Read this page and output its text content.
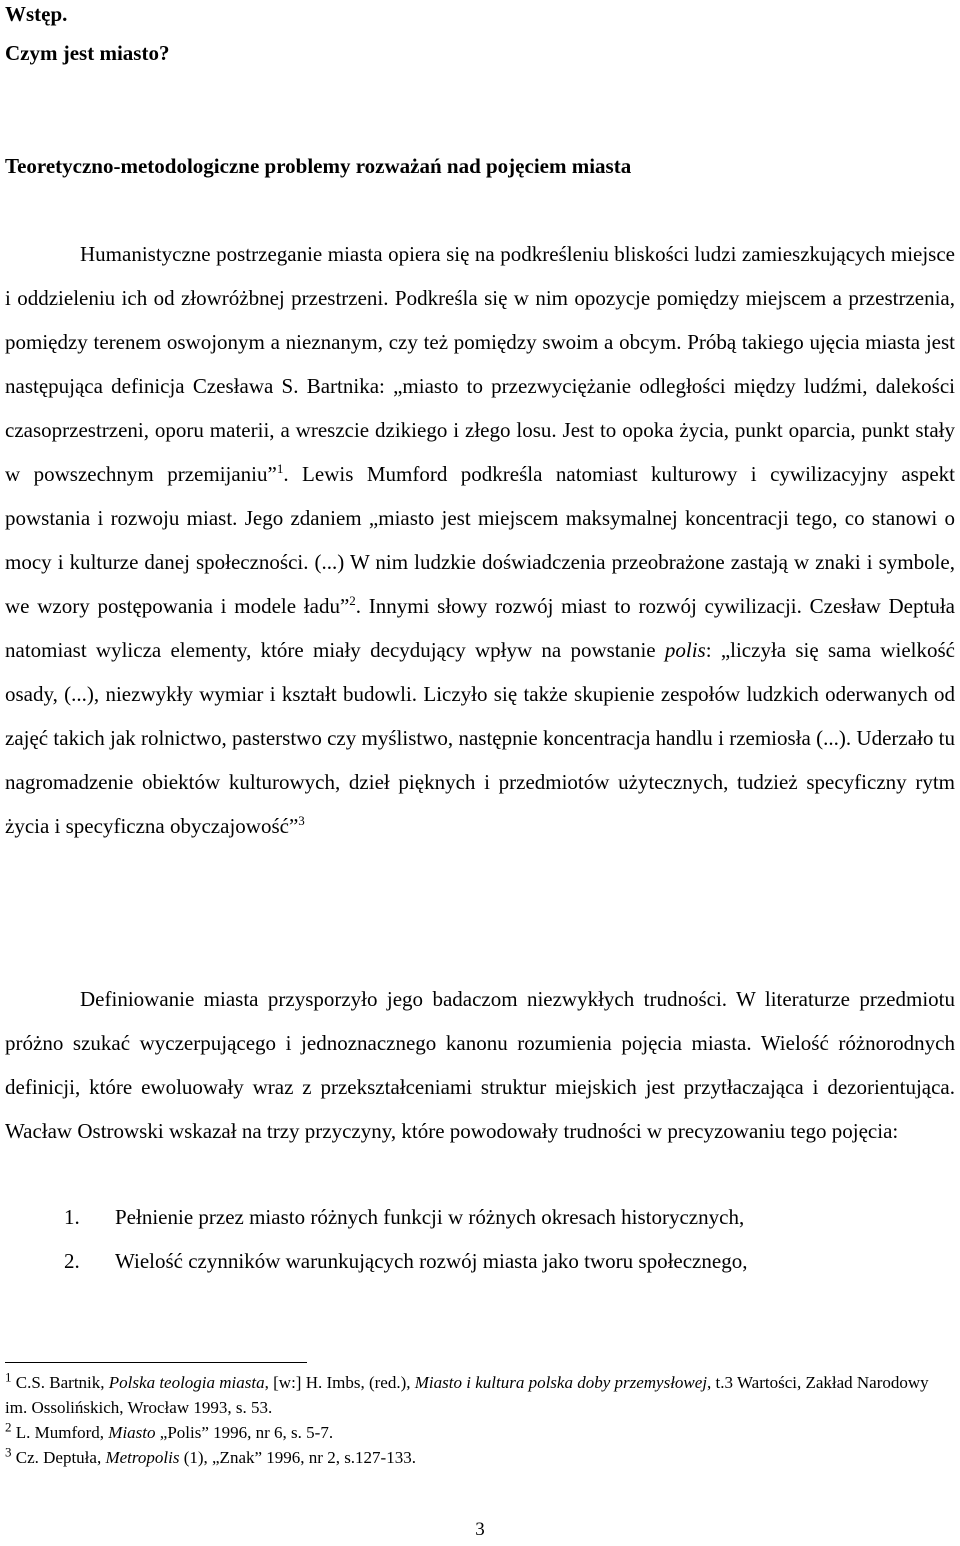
Wstęp.
Czym jest miasto?
Teoretyczno-metodologiczne problemy rozważań nad pojęciem miasta

Humanistyczne postrzeganie miasta opiera się na podkreśleniu bliskości ludzi zamieszkujących miejsce i oddzieleniu ich od złowróżbnej przestrzeni. Podkreśla się w nim opozycje pomiędzy miejscem a przestrzenia, pomiędzy terenem oswojonym a nieznanym, czy też pomiędzy swoim a obcym. Próbą takiego ujęcia miasta jest następująca definicja Czesława S. Bartnika: „miasto to przezwyciężanie odległości między ludźmi, dalekości czasoprzestrzeni, oporu materii, a wreszcie dzikiego i złego losu. Jest to opoka życia, punkt oparcia, punkt stały w powszechnym przemijaniu”$^1$. Lewis Mumford podkreśla natomiast kulturowy i cywilizacyjny aspekt powstania i rozwoju miast. Jego zdaniem „miasto jest miejscem maksymalnej koncentracji tego, co stanowi o mocy i kulturze danej społeczności. (...) W nim ludzkie doświadczenia przeobrażone zastają w znaki i symbole, we wzory postępowania i modele ładu”$^2$. Innymi słowy rozwój miast to rozwój cywilizacji. Czesław Deptuła natomiast wylicza elementy, które miały decydujący wpływ na powstanie polis: „liczyła się sama wielkość osady, (...), niezwykły wymiar i kształt budowli. Liczyło się także skupienie zespołów ludzkich oderwanych od zajęć takich jak rolnictwo, pasterstwo czy myślistwo, następnie koncentracja handlu i rzemiosła (...). Uderzało tu nagromadzenie obiektów kulturowych, dzieł pięknych i przedmiotów użytecznych, tudzież specyficzny rytm życia i specyficzna obyczajowość”$^3$

Definiowanie miasta przysporzyło jego badaczom niezwykłych trudności. W literaturze przedmiotu próżno szukać wyczerpującego i jednoznacznego kanonu rozumienia pojęcia miasta. Wielość różnorodnych definicji, które ewoluowały wraz z przekształceniami struktur miejskich jest przytłaczająca i dezorientująca. Wacław Ostrowski wskazał na trzy przyczyny, które powodowały trudności w precyzowaniu tego pojęcia:

1. Pełnienie przez miasto różnych funkcji w różnych okresach historycznych,
2. Wielość czynników warunkujących rozwój miasta jako tworu społecznego,

$^1$ C.S. Bartnik, Polska teologia miasta, [w:] H. Imbs, (red.), Miasto i kultura polska doby przemysłowej, t.3 Wartości, Zakład Narodowy im. Ossolińskich, Wrocław 1993, s. 53.

$^2$ L. Mumford, Miasto „Polis” 1996, nr 6, s. 5-7.

$^3$ Cz. Deptuła, Metropolis (1), „Znak” 1996, nr 2, s.127-133.

3
